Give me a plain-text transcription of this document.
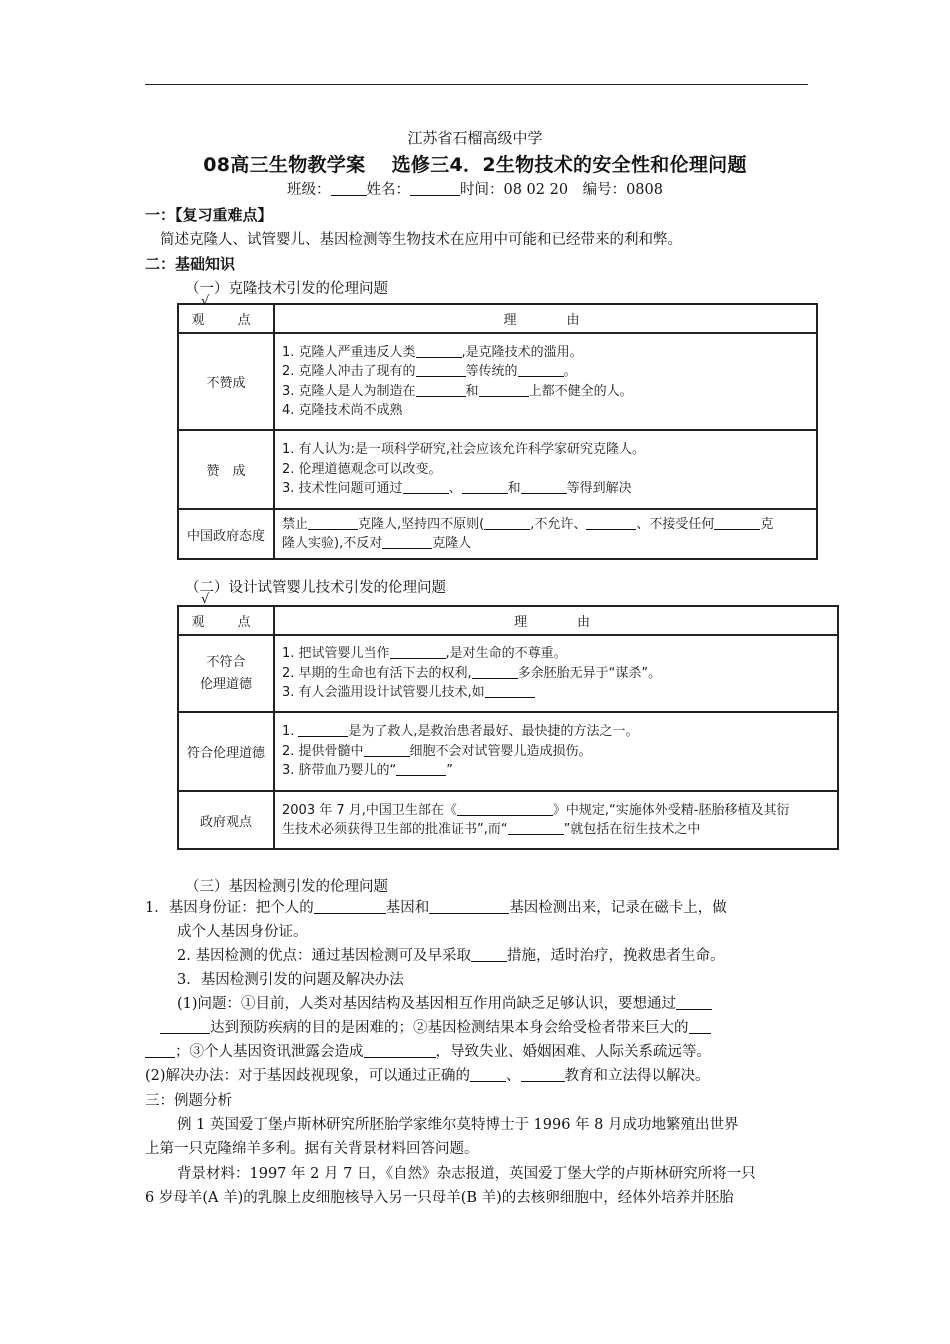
江苏省石榴高级中学
08高三生物教学案　 选修三4．2生物技术的安全性和伦理问题
班级： 姓名：	时间：08 02 20　编号：0808
一：【复习重难点】
简述克隆人、试管婴儿、基因检测等生物技术在应用中可能和已经带来的利和弊。
二：基础知识
（一）克隆技术引发的伦理问题
√
观　点	理　　由
不赞成	1. 克隆人严重违反人类 ,是克隆技术的滥用。
2. 克隆人冲击了现有的 等传统的 。
3. 克隆人是人为制造在 和 上都不健全的人。
4. 克隆技术尚不成熟

赞　成	1. 有人认为:是一项科学研究,社会应该允许科学家研究克隆人。
2. 伦理道德观念可以改变。
3. 技术性问题可通过 、 和 等得到解决

中国政府态度	禁止 克隆人,坚持四不原则( ,不允许、 、不接受任何 克
隆人实验),不反对 克隆人
（二）设计试管婴儿技术引发的伦理问题
√
观　点	理　　由

不符合
伦理道德	1. 把试管婴儿当作 ,是对生命的不尊重。
2. 早期的生命也有活下去的权利, 多余胚胎无异于“谋杀”。
3. 有人会滥用设计试管婴儿技术,如

符合伦理道德	1. 是为了救人,是救治患者最好、最快捷的方法之一。
2. 提供骨髓中 细胞不会对试管婴儿造成损伤。
3. 脐带血乃婴儿的“ ”

政府观点	2003 年 7 月,中国卫生部在《 》中规定,“实施体外受精-胚胎移植及其衍
生技术必须获得卫生部的批准证书”,而“ ”就包括在衍生技术之中
（三）基因检测引发的伦理问题
1．基因身份证：把个人的	基因和	基因检测出来，记录在磁卡上，做
成个人基因身份证。
2. 基因检测的优点：通过基因检测可及早采取 措施，适时治疗，挽救患者生命。
3．基因检测引发的问题及解决办法
(1)问题：①目前，人类对基因结构及基因相互作用尚缺乏足够认识，要想通过
达到预防疾病的目的是困难的；②基因检测结果本身会给受检者带来巨大的
；③个人基因资讯泄露会造成	，导致失业、婚姻困难、人际关系疏远等。
(2)解决办法：对于基因歧视现象，可以通过正确的 、	教育和立法得以解决。
三：例题分析
例 1 英国爱丁堡卢斯林研究所胚胎学家维尔莫特博士于 1996 年 8 月成功地繁殖出世界
上第一只克隆绵羊多利。据有关背景材料回答问题。
背景材料：1997 年 2 月 7 日，《自然》杂志报道，英国爱丁堡大学的卢斯林研究所将一只
6 岁母羊(A 羊)的乳腺上皮细胞核导入另一只母羊(B 羊)的去核卵细胞中，经体外培养并胚胎
